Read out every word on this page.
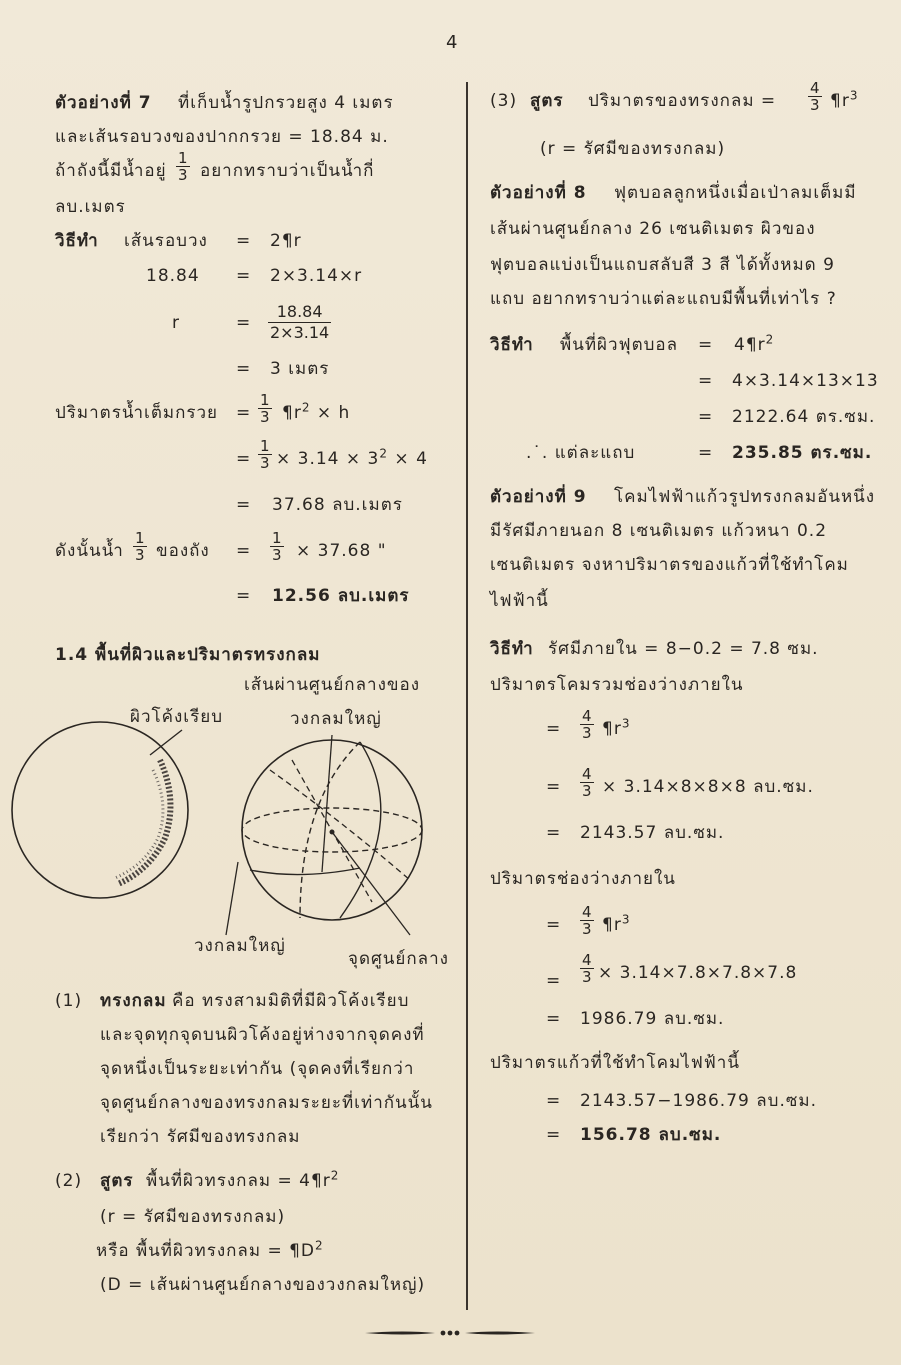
4
ตัวอย่างที่ 7 ที่เก็บน้ำรูปกรวยสูง 4 เมตร
และเส้นรอบวงของปากกรวย = 18.84 ม.
ถ้าถังนี้มีน้ำอยู่ $\frac{1}{3}$ อยากทราบว่าเป็นน้ำกี่
ลบ.เมตร
วิธีทำ เส้นรอบวง = 2¶r
18.84 = 2×3.14×r
r	= $\frac{18.84}{2\times 3.14}$
= 3 เมตร
ปริมาตรน้ำเต็มกรวย = $\frac{1}{3}$ $\P r^2 \times h$
= $\frac{1}{3} \times 3.14 \times 3^2 \times 4$
= 37.68 ลบ.เมตร
ดังนั้นน้ำ $\frac{1}{3}$ ของถัง = $\frac{1}{3} \times 37.68$ "
= 12.56 ลบ.เมตร
1.4 พื้นที่ผิวและปริมาตรทรงกลม
เส้นผ่านศูนย์กลางของ
ผิวโค้งเรียบ	วงกลมใหญ่
วงกลมใหญ่
จุดศูนย์กลาง
(1) ทรงกลม คือ ทรงสามมิติที่มีผิวโค้งเรียบ
และจุดทุกจุดบนผิวโค้งอยู่ห่างจากจุดคงที่
จุดหนึ่งเป็นระยะเท่ากัน (จุดคงที่เรียกว่า
จุดศูนย์กลางของทรงกลมระยะที่เท่ากันนั้น
เรียกว่า รัศมีของทรงกลม
(2) สูตร พื้นที่ผิวทรงกลม = $4\P r^2$
(r = รัศมีของทรงกลม)
หรือ พื้นที่ผิวทรงกลม = $\P D^2$
(D = เส้นผ่านศูนย์กลางของวงกลมใหญ่)
(3) สูตร ปริมาตรของทรงกลม = $\frac{4}{3}$ $\P r^3$
(r = รัศมีของทรงกลม)
ตัวอย่างที่ 8 ฟุตบอลลูกหนึ่งเมื่อเป่าลมเต็มมี
เส้นผ่านศูนย์กลาง 26 เซนติเมตร ผิวของ
ฟุตบอลแบ่งเป็นแถบสลับสี 3 สี ได้ทั้งหมด 9
แถบ อยากทราบว่าแต่ละแถบมีพื้นที่เท่าไร ?
วิธีทำ พื้นที่ผิวฟุตบอล = $4\P r^2$
= 4×3.14×13×13
= 2122.64 ตร.ซม.
.˙. แต่ละแถบ	= 235.85 ตร.ซม.
ตัวอย่างที่ 9 โคมไฟฟ้าแก้วรูปทรงกลมอันหนึ่ง
มีรัศมีภายนอก 8 เซนติเมตร แก้วหนา 0.2
เซนติเมตร จงหาปริมาตรของแก้วที่ใช้ทำโคม
ไฟฟ้านี้
วิธีทำ รัศมีภายใน = 8−0.2 = 7.8 ซม.
ปริมาตรโคมรวมช่องว่างภายใน
= $\frac{4}{3}$ $\P r^3$
= $\frac{4}{3} \times 3.14\times 8\times 8\times 8$ ลบ.ซม.
= 2143.57 ลบ.ซม.
ปริมาตรช่องว่างภายใน
= $\frac{4}{3}$ $\P r^3$
= $\frac{4}{3} \times 3.14\times 7.8\times 7.8\times 7.8$
= 1986.79 ลบ.ซม.
ปริมาตรแก้วที่ใช้ทำโคมไฟฟ้านี้
= 2143.57−1986.79 ลบ.ซม.
= 156.78 ลบ.ซม.
